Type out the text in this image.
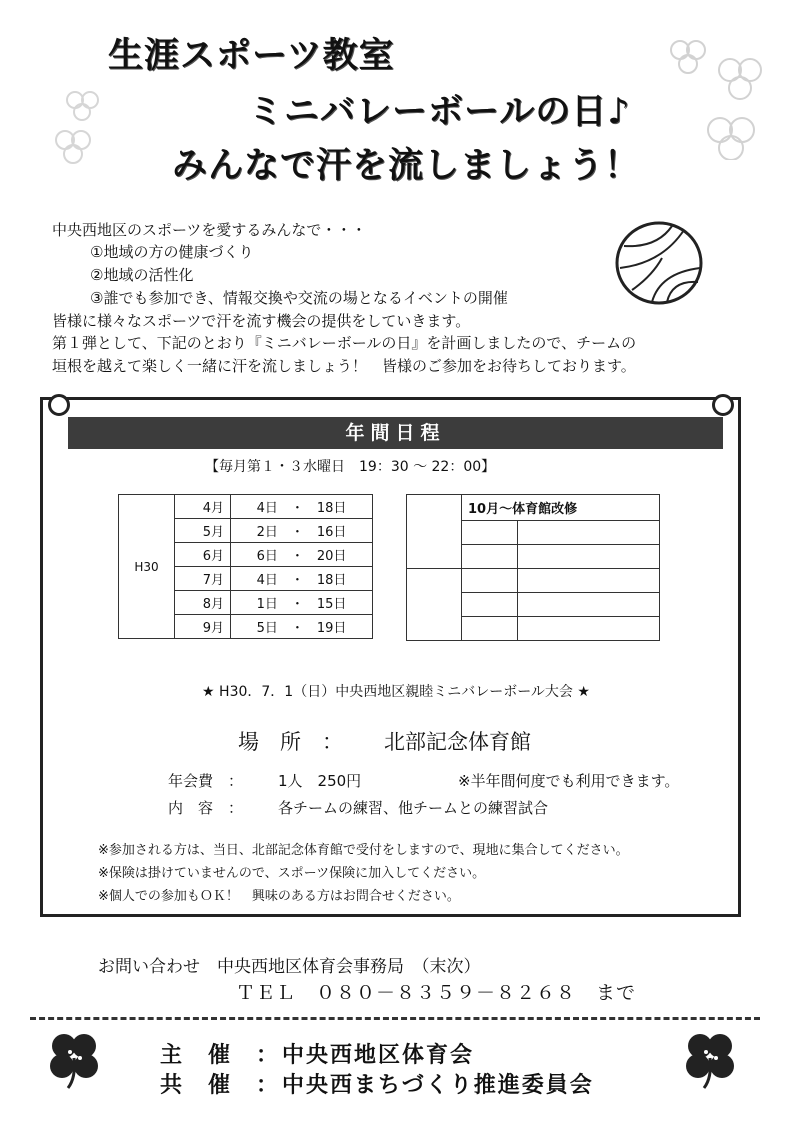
生涯スポーツ教室
ミニバレーボールの日♪
みんなで汗を流しましょう！
中央西地区のスポーツを愛するみんなで・・・
①地域の方の健康づくり
②地域の活性化
③誰でも参加でき、情報交換や交流の場となるイベントの開催
皆様に様々なスポーツで汗を流す機会の提供をしていきます。
第１弾として、下記のとおり『ミニバレーボールの日』を計画しましたので、チームの
垣根を越えて楽しく一緒に汗を流しましょう！　皆様のご参加をお待ちしております。
年間日程
【毎月第１・３水曜日　19：30 ～ 22：00】
H30	4月	4日　・　18日
	5月	2日　・　16日
	6月	6日　・　20日
	7月	4日　・　18日
	8月	1日　・　15日
	9月	5日　・　19日
	10月～体育館改修	

★ H30．7．1（日）中央西地区親睦ミニバレーボール大会 ★
場　所　： 北部記念体育館
年会費　： 1人　250円	※半年間何度でも利用できます。
内　容　： 各チームの練習、他チームとの練習試合
※参加される方は、当日、北部記念体育館で受付をしますので、現地に集合してください。
※保険は掛けていませんので、スポーツ保険に加入してください。
※個人での参加もＯＫ！　興味のある方はお問合せください。
お問い合わせ　中央西地区体育会事務局　（末次）
ＴＥＬ　０８０－８３５９－８２６８　まで
主　催　： 中央西地区体育会
共　催　： 中央西まちづくり推進委員会
